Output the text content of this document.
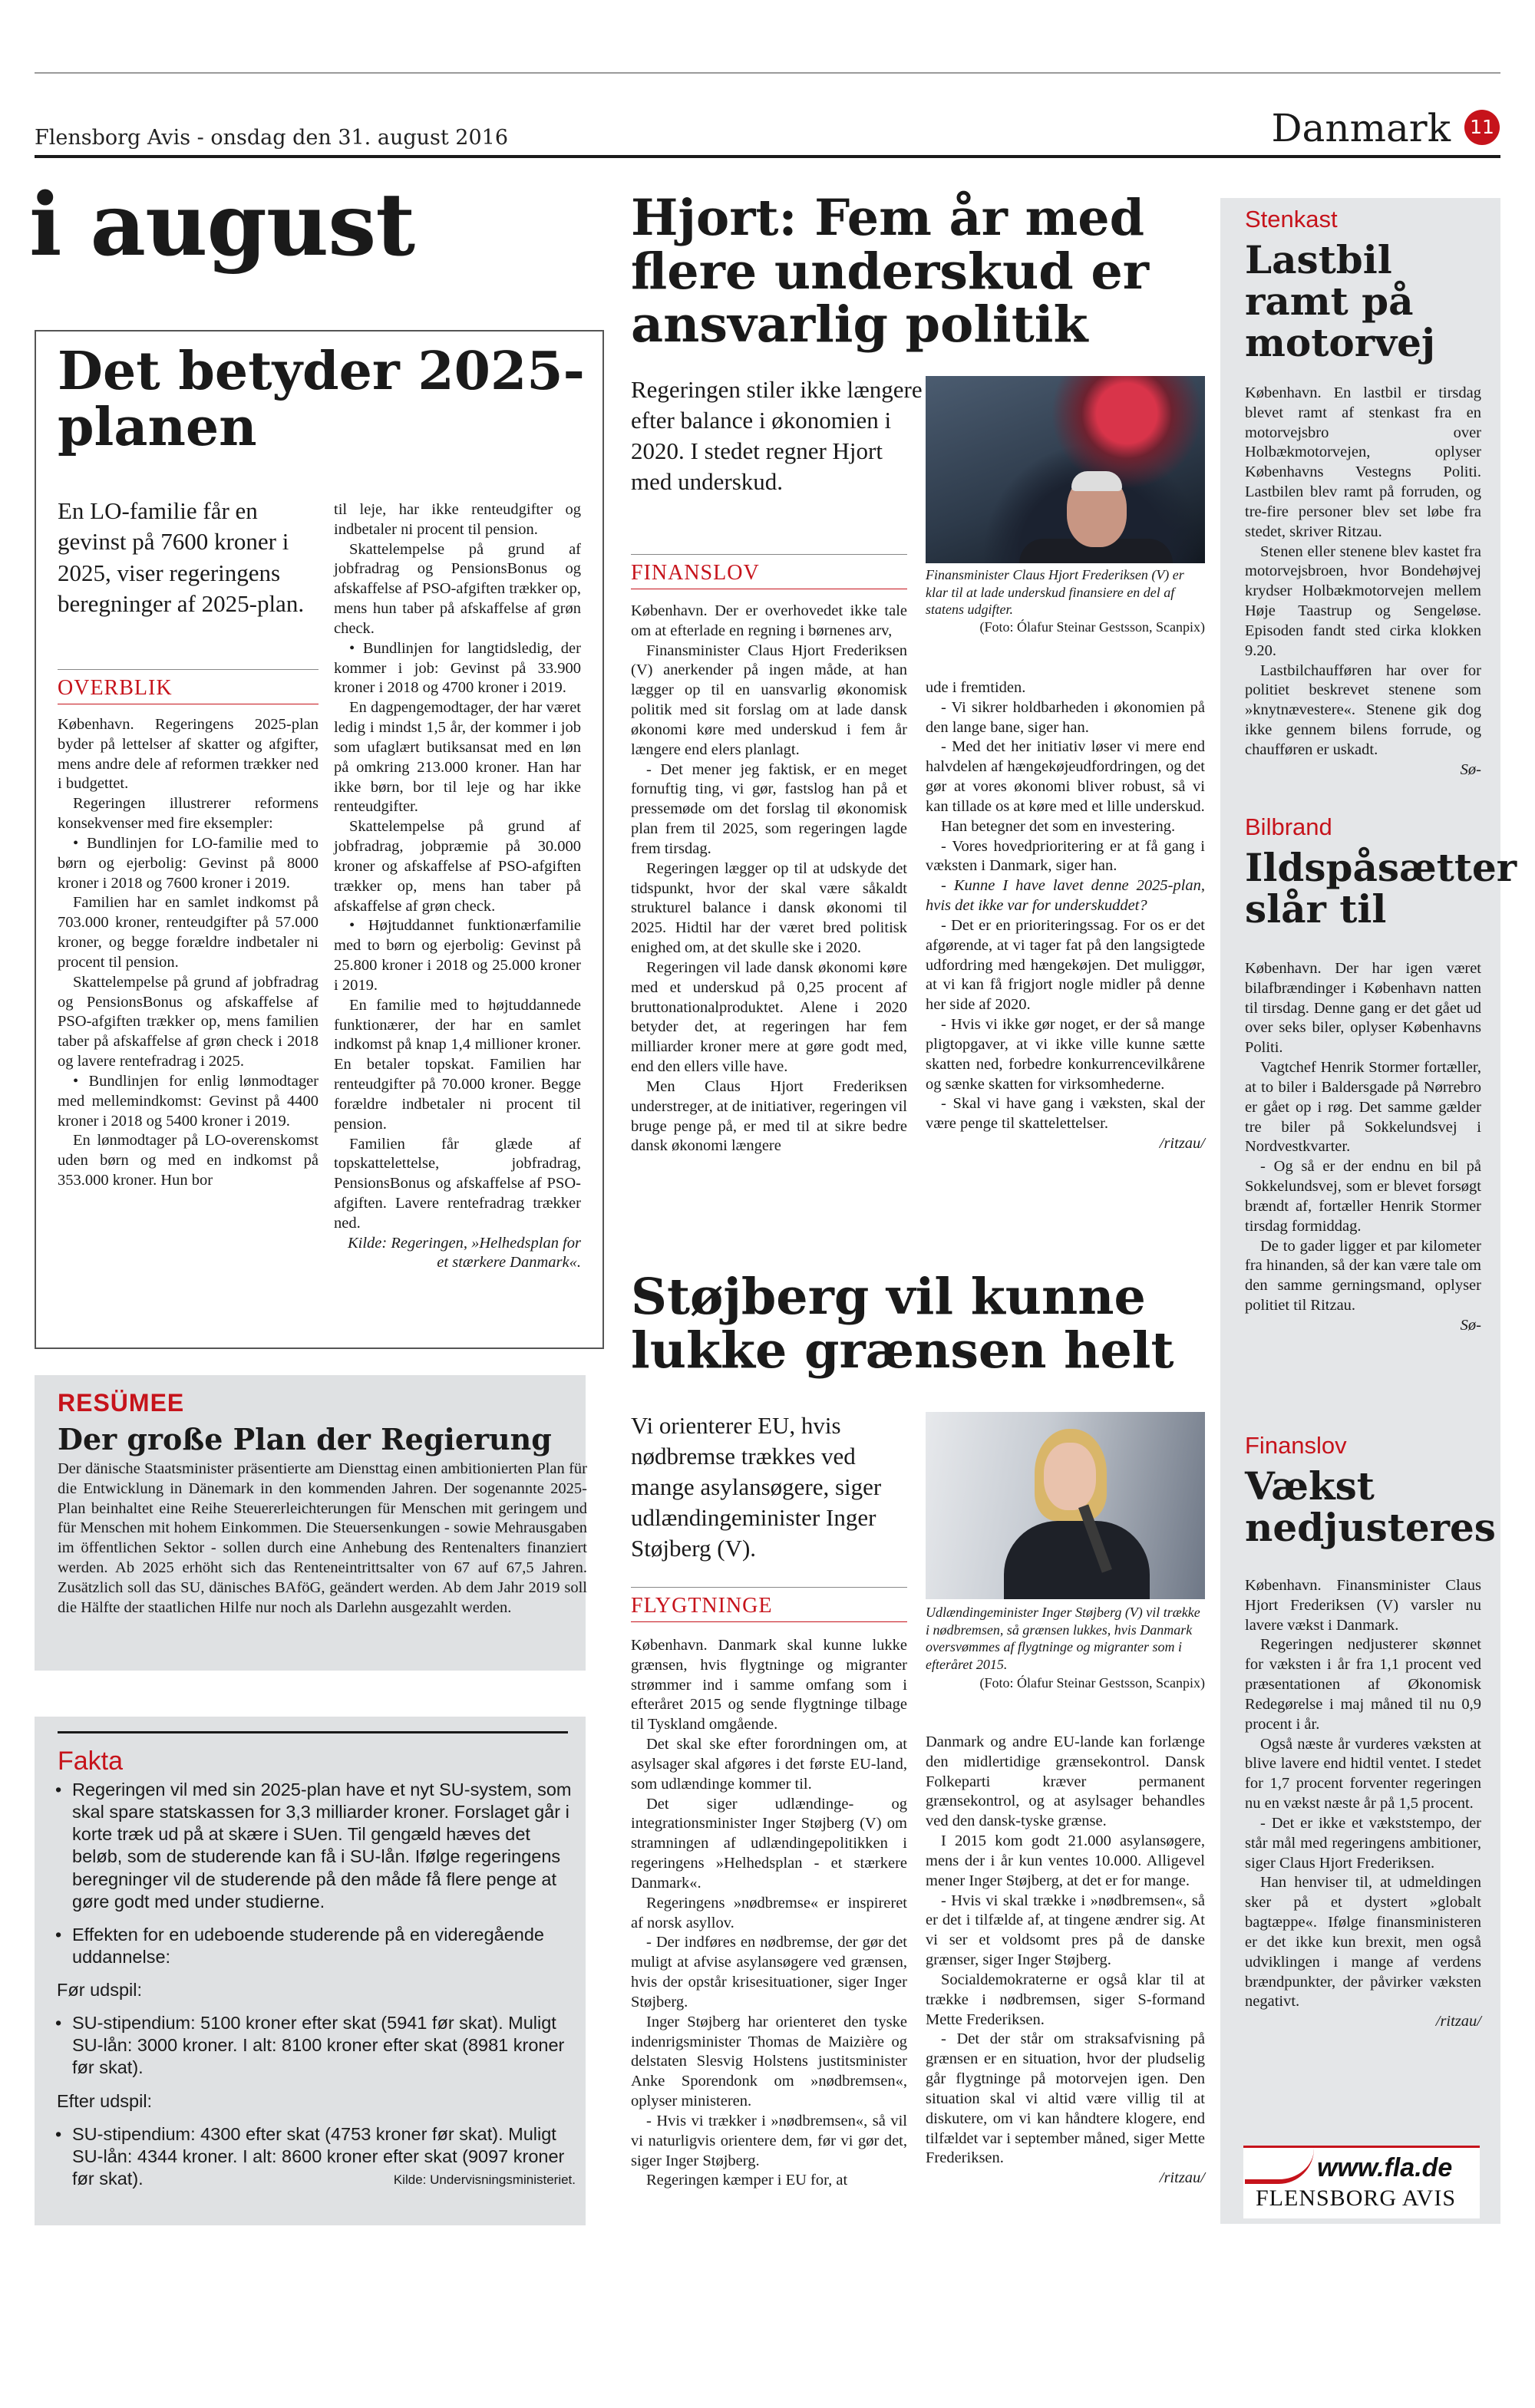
Flensborg Avis - onsdag den 31. august 2016	Danmark 11
i august
Det betyder 2025-planen
En LO-familie får en gevinst på 7600 kroner i 2025, viser regeringens beregninger af 2025-plan.
OVERBLIK

København. Regeringens 2025-plan byder på lettelser af skatter og afgifter, mens andre dele af reformen trækker ned i budgettet.

Regeringen illustrerer reformens konsekvenser med fire eksempler:

• Bundlinjen for LO-familie med to børn og ejerbolig: Gevinst på 8000 kroner i 2018 og 7600 kroner i 2019.

Familien har en samlet indkomst på 703.000 kroner, renteudgifter på 57.000 kroner, og begge forældre indbetaler ni procent til pension.

Skattelempelse på grund af jobfradrag og PensionsBonus og afskaffelse af PSO-afgiften trækker op, mens familien taber på afskaffelse af grøn check i 2018 og lavere rentefradrag i 2025.

• Bundlinjen for enlig lønmodtager med mellemindkomst: Gevinst på 4400 kroner i 2018 og 5400 kroner i 2019.

En lønmodtager på LO-overenskomst uden børn og med en indkomst på 353.000 kroner. Hun bor

til leje, har ikke renteudgifter og indbetaler ni procent til pension.

Skattelempelse på grund af jobfradrag og PensionsBonus og afskaffelse af PSO-afgiften trækker op, mens hun taber på afskaffelse af grøn check.

• Bundlinjen for langtidsledig, der kommer i job: Gevinst på 33.900 kroner i 2018 og 4700 kroner i 2019.

En dagpengemodtager, der har været ledig i mindst 1,5 år, der kommer i job som ufaglært butiksansat med en løn på omkring 213.000 kroner. Han har ikke børn, bor til leje og har ikke renteudgifter.

Skattelempelse på grund af jobfradrag, jobpræmie på 30.000 kroner og afskaffelse af PSO-afgiften trækker op, mens han taber på afskaffelse af grøn check.

• Højtuddannet funktionærfamilie med to børn og ejerbolig: Gevinst på 25.800 kroner i 2018 og 25.000 kroner i 2019.

En familie med to højtuddannede funktionærer, der har en samlet indkomst på knap 1,4 millioner kroner. En betaler topskat. Familien har renteudgifter på 70.000 kroner. Begge forældre indbetaler ni procent til pension.

Familien får glæde af topskattelettelse, jobfradrag, PensionsBonus og afskaffelse af PSO-afgiften. Lavere rentefradrag trækker ned.

Kilde: Regeringen, »Helhedsplan for et stærkere Danmark«.

RESÜMEE
Der große Plan der Regierung
Der dänische Staatsminister präsentierte am Diensttag einen ambitionierten Plan für die Entwicklung in Dänemark in den kommenden Jahren. Der sogenannte 2025-Plan beinhaltet eine Reihe Steuererleichterungen für Menschen mit geringem und für Menschen mit hohem Einkommen. Die Steuersenkungen - sowie Mehrausgaben im öffentlichen Sektor - sollen durch eine Anhebung des Rentenalters finanziert werden. Ab 2025 erhöht sich das Renteneintrittsalter von 67 auf 67,5 Jahren. Zusätzlich soll das SU, dänisches BAföG, geändert werden. Ab dem Jahr 2019 soll die Hälfte der staatlichen Hilfe nur noch als Darlehn ausgezahlt werden.
Fakta
• Regeringen vil med sin 2025-plan have et nyt SU-system, som skal spare statskassen for 3,3 milliarder kroner. Forslaget går i korte træk ud på at skære i SUen. Til gengæld hæves det beløb, som de studerende kan få i SU-lån. Ifølge regeringens beregninger vil de studerende på den måde få flere penge at gøre godt med under studierne.
• Effekten for en udeboende studerende på en videregående uddannelse:
Før udspil:
• SU-stipendium: 5100 kroner efter skat (5941 før skat). Muligt SU-lån: 3000 kroner. I alt: 8100 kroner efter skat (8981 kroner før skat).
Efter udspil:
• SU-stipendium: 4300 efter skat (4753 kroner før skat). Muligt SU-lån: 4344 kroner. I alt: 8600 kroner efter skat (9097 kroner før skat).	Kilde: Undervisningsministeriet.
Hjort: Fem år med flere underskud er ansvarlig politik
Regeringen stiler ikke længere efter balance i økonomien i 2020. I stedet regner Hjort med underskud.
FINANSLOV	Finansminister Claus Hjort Frederiksen (V) er klar til at lade underskud finansiere en del af statens udgifter.
(Foto: Ólafur Steinar Gestsson, Scanpix)

København. Der er overhovedet ikke tale om at efterlade en regning i børnenes arv,

Finansminister Claus Hjort Frederiksen (V) anerkender på ingen måde, at han lægger op til en uansvarlig økonomisk politik med sit forslag om at lade dansk økonomi køre med underskud i fem år længere end elers planlagt.

- Det mener jeg faktisk, er en meget fornuftig ting, vi gør, fastslog han på et pressemøde om det forslag til økonomisk plan frem til 2025, som regeringen lagde frem tirsdag.

Regeringen lægger op til at udskyde det tidspunkt, hvor der skal være såkaldt strukturel balance i dansk økonomi til 2025. Hidtil har der været bred politisk enighed om, at det skulle ske i 2020.

Regeringen vil lade dansk økonomi køre med et underskud på 0,25 procent af bruttonationalproduktet. Alene i 2020 betyder det, at regeringen har fem milliarder kroner mere at gøre godt med, end den ellers ville have.

Men Claus Hjort Frederiksen understreger, at de initiativer, regeringen vil bruge penge på, er med til at sikre bedre dansk økonomi længere

ude i fremtiden.

- Vi sikrer holdbarheden i økonomien på den lange bane, siger han.

- Med det her initiativ løser vi mere end halvdelen af hængekøjeudfordringen, og det gør at vores økonomi bliver robust, så vi kan tillade os at køre med et lille underskud.

Han betegner det som en investering.

- Vores hovedprioritering er at få gang i væksten i Danmark, siger han.

- Kunne I have lavet denne 2025-plan, hvis det ikke var for underskuddet?

- Det er en prioriteringssag. For os er det afgørende, at vi tager fat på den langsigtede udfordring med hængekøjen. Det muliggør, at vi kan få frigjort nogle midler på denne her side af 2020.

- Hvis vi ikke gør noget, er der så mange pligtopgaver, at vi ikke ville kunne sætte skatten ned, forbedre konkurrencevilkårene og sænke skatten for virksomhederne.

- Skal vi have gang i væksten, skal der være penge til skattelettelser.

/ritzau/

Støjberg vil kunne lukke grænsen helt
Vi orienterer EU, hvis nødbremse trækkes ved mange asylansøgere, siger udlændingeminister Inger Støjberg (V).
FLYGTNINGE	Udlændingeminister Inger Støjberg (V) vil trække i nødbremsen, så grænsen lukkes, hvis Danmark oversvømmes af flygtninge og migranter som i efteråret 2015.
(Foto: Ólafur Steinar Gestsson, Scanpix)

København. Danmark skal kunne lukke grænsen, hvis flygtninge og migranter strømmer ind i samme omfang som i efteråret 2015 og sende flygtninge tilbage til Tyskland omgående.

Det skal ske efter forordningen om, at asylsager skal afgøres i det første EU-land, som udlændinge kommer til.

Det siger udlændinge- og integrationsminister Inger Støjberg (V) om stramningen af udlændingepolitikken i regeringens »Helhedsplan - et stærkere Danmark«.

Regeringens »nødbremse« er inspireret af norsk asyllov.

- Der indføres en nødbremse, der gør det muligt at afvise asylansøgere ved grænsen, hvis der opstår krisesituationer, siger Inger Støjberg.

Inger Støjberg har orienteret den tyske indenrigsminister Thomas de Maizière og delstaten Slesvig Holstens justitsminister Anke Sporendonk om »nødbremsen«, oplyser ministeren.

- Hvis vi trækker i »nødbremsen«, så vil vi naturligvis orientere dem, før vi gør det, siger Inger Støjberg.

Regeringen kæmper i EU for, at

Danmark og andre EU-lande kan forlænge den midlertidige grænsekontrol. Dansk Folkeparti kræver permanent grænsekontrol, og at asylsager behandles ved den dansk-tyske grænse.

I 2015 kom godt 21.000 asylansøgere, mens der i år kun ventes 10.000. Alligevel mener Inger Støjberg, at det er for mange.

- Hvis vi skal trække i »nødbremsen«, så er det i tilfælde af, at tingene ændrer sig. At vi ser et voldsomt pres på de danske grænser, siger Inger Støjberg.

Socialdemokraterne er også klar til at trække i nødbremsen, siger S-formand Mette Frederiksen.

- Det der står om straksafvisning på grænsen er en situation, hvor der pludselig går flygtninge på motorvejen igen. Den situation skal vi altid være villig til at diskutere, om vi kan håndtere klogere, end tilfældet var i september måned, siger Mette Frederiksen.

/ritzau/

Stenkast
Lastbil ramt på motorvej

København. En lastbil er tirsdag blevet ramt af stenkast fra en motorvejsbro over Holbækmotorvejen, oplyser Københavns Vestegns Politi. Lastbilen blev ramt på forruden, og tre-fire personer blev set løbe fra stedet, skriver Ritzau.

Stenen eller stenene blev kastet fra motorvejsbroen, hvor Bondehøjvej krydser Holbækmotorvejen mellem Høje Taastrup og Sengeløse. Episoden fandt sted cirka klokken 9.20.

Lastbilchaufføren har over for politiet beskrevet stenene som »knytnævesterе«. Stenene gik dog ikke gennem bilens forrude, og chaufføren er uskadt.

Sø-

Bilbrand
Ildspåsætter slår til

København. Der har igen været bilafbrændinger i København natten til tirsdag. Denne gang er det gået ud over seks biler, oplyser Københavns Politi.

Vagtchef Henrik Stormer fortæller, at to biler i Baldersgade på Nørrebro er gået op i røg. Det samme gælder tre biler på Sokkelundsvej i Nordvestkvarter.

- Og så er der endnu en bil på Sokkelundsvej, som er blevet forsøgt brændt af, fortæller Henrik Stormer tirsdag formiddag.

De to gader ligger et par kilometer fra hinanden, så der kan være tale om den samme gerningsmand, oplyser politiet til Ritzau.

Sø-

Finanslov
Vækst nedjusteres

København. Finansminister Claus Hjort Frederiksen (V) varsler nu lavere vækst i Danmark.

Regeringen nedjusterer skønnet for væksten i år fra 1,1 procent ved præsentationen af Økonomisk Redegørelse i maj måned til nu 0,9 procent i år.

Også næste år vurderes væksten at blive lavere end hidtil ventet. I stedet for 1,7 procent forventer regeringen nu en vækst næste år på 1,5 procent.

- Det er ikke et vækststempo, der står mål med regeringens ambitioner, siger Claus Hjort Frederiksen.

Han henviser til, at udmeldingen sker på et dystert »globalt bagtæppe«. Ifølge finansministeren er det ikke kun brexit, men også udviklingen i mange af verdens brændpunkter, der påvirker væksten negativt.

/ritzau/

www.fla.de
FLENSBORG AVIS
